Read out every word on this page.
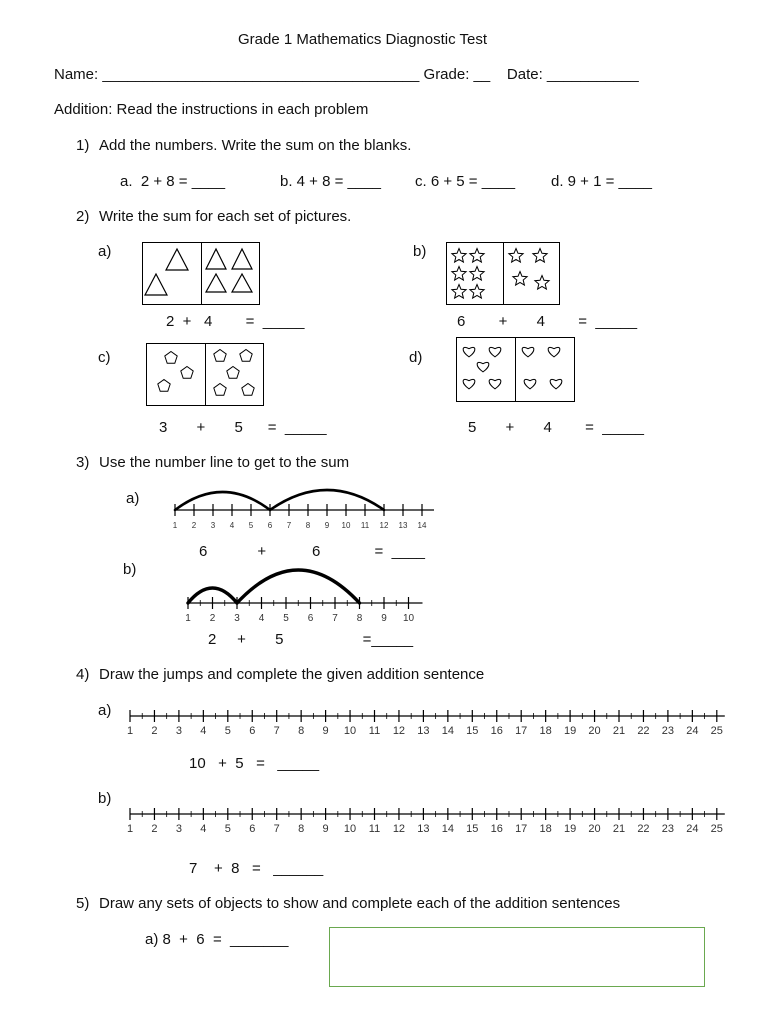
Grade 1 Mathematics Diagnostic Test
Name: ______________________________________ Grade: __    Date: ___________
Addition: Read the instructions in each problem
1) Add the numbers. Write the sum on the blanks.
a.  2 + 8 = ____	b. 4 + 8 = ____ c. 6 + 5 = ____ d. 9 + 1 = ____
2) Write the sum for each set of pictures.
a)
2  +   4        =  _____
b)
6        +       4        =  _____
c)
3       +       5      =  _____
d)
5       +       4        =  _____
3) Use the number line to get to the sum
a)
1 2 3 4 5 6 7 8 9 10 11 12 13 14
6            +           6             =  ____
b)
1 2 3 4 5 6 7 8 9 10
2     +       5                   =_____
4) Draw the jumps and complete the given addition sentence
a)
1 2 3 4 5 6 7 8 9 10 11 12 13 14 15 16 17 18 19 20 21 22 23 24 25
10   +  5   =   _____
b)
1 2 3 4 5 6 7 8 9 10 11 12 13 14 15 16 17 18 19 20 21 22 23 24 25
7    +  8   =   ______
5) Draw any sets of objects to show and complete each of the addition sentences
a) 8  +  6  =  _______
